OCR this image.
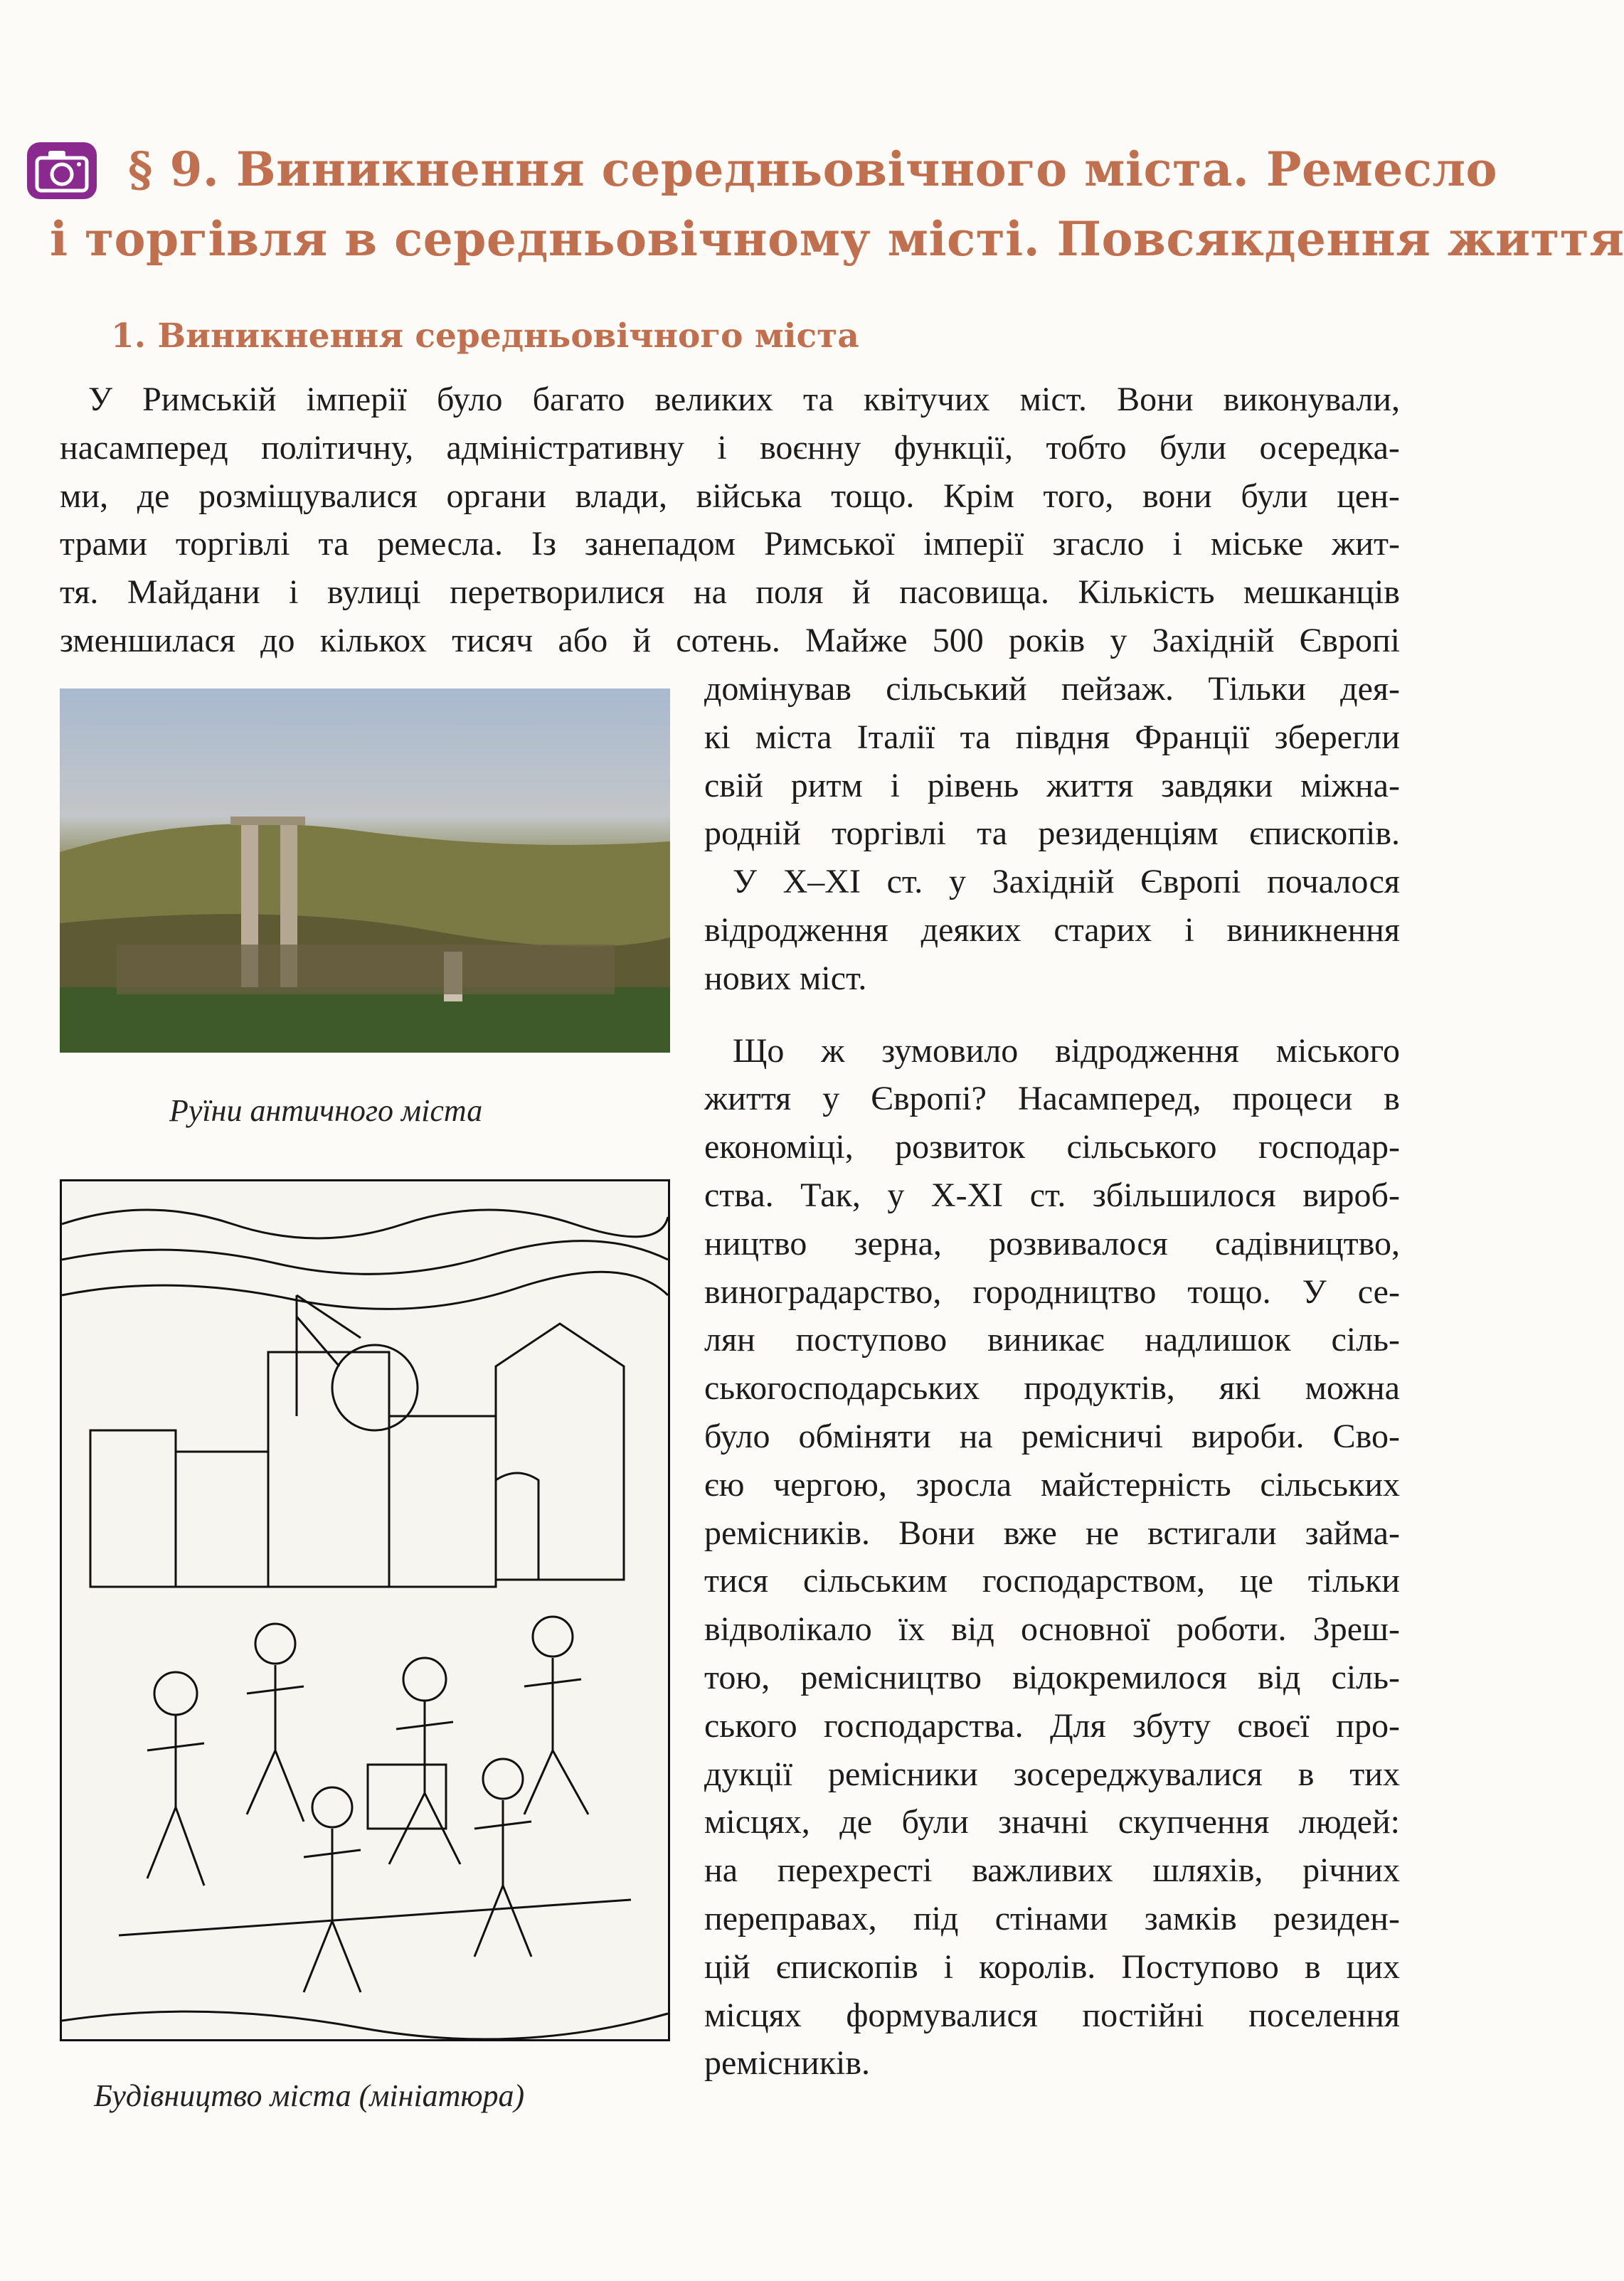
§ 9. Виникнення середньовічного міста. Ремесло
і торгівля в середньовічному місті. Повсякдення життя
1. Виникнення середньовічного міста
У Римській імперії було багато великих та квітучих міст. Вони виконували,
насамперед політичну, адміністративну і воєнну функції, тобто були осередка-
ми, де розміщувалися органи влади, війська тощо. Крім того, вони були цен-
трами торгівлі та ремесла. Із занепадом Римської імперії згасло і міське жит-
тя. Майдани і вулиці перетворилися на поля й пасовища. Кількість мешканців
зменшилася до кількох тисяч або й сотень. Майже 500 років у Західній Європі
Руїни античного міста
Будівництво міста (мініатюра)
домінував сільський пейзаж. Тільки дея-
кі міста Італії та півдня Франції зберегли
свій ритм і рівень життя завдяки міжна-
родній торгівлі та резиденціям єпископів.
У X–XI ст. у Західній Європі почалося
відродження деяких старих і виникнення
нових міст.
Що ж зумовило відродження міського
життя у Європі? Насамперед, процеси в
економіці, розвиток сільського господар-
ства. Так, у X-XI ст. збільшилося вироб-
ництво зерна, розвивалося садівництво,
виноградарство, городництво тощо. У се-
лян поступово виникає надлишок сіль-
ськогосподарських продуктів, які можна
було обміняти на ремісничі вироби. Сво-
єю чергою, зросла майстерність сільських
ремісників. Вони вже не встигали займа-
тися сільським господарством, це тільки
відволікало їх від основної роботи. Зреш-
тою, ремісництво відокремилося від сіль-
ського господарства. Для збуту своєї про-
дукції ремісники зосереджувалися в тих
місцях, де були значні скупчення людей:
на перехресті важливих шляхів, річних
переправах, під стінами замків резиден-
цій єпископів і королів. Поступово в цих
місцях формувалися постійні поселення
ремісників.
